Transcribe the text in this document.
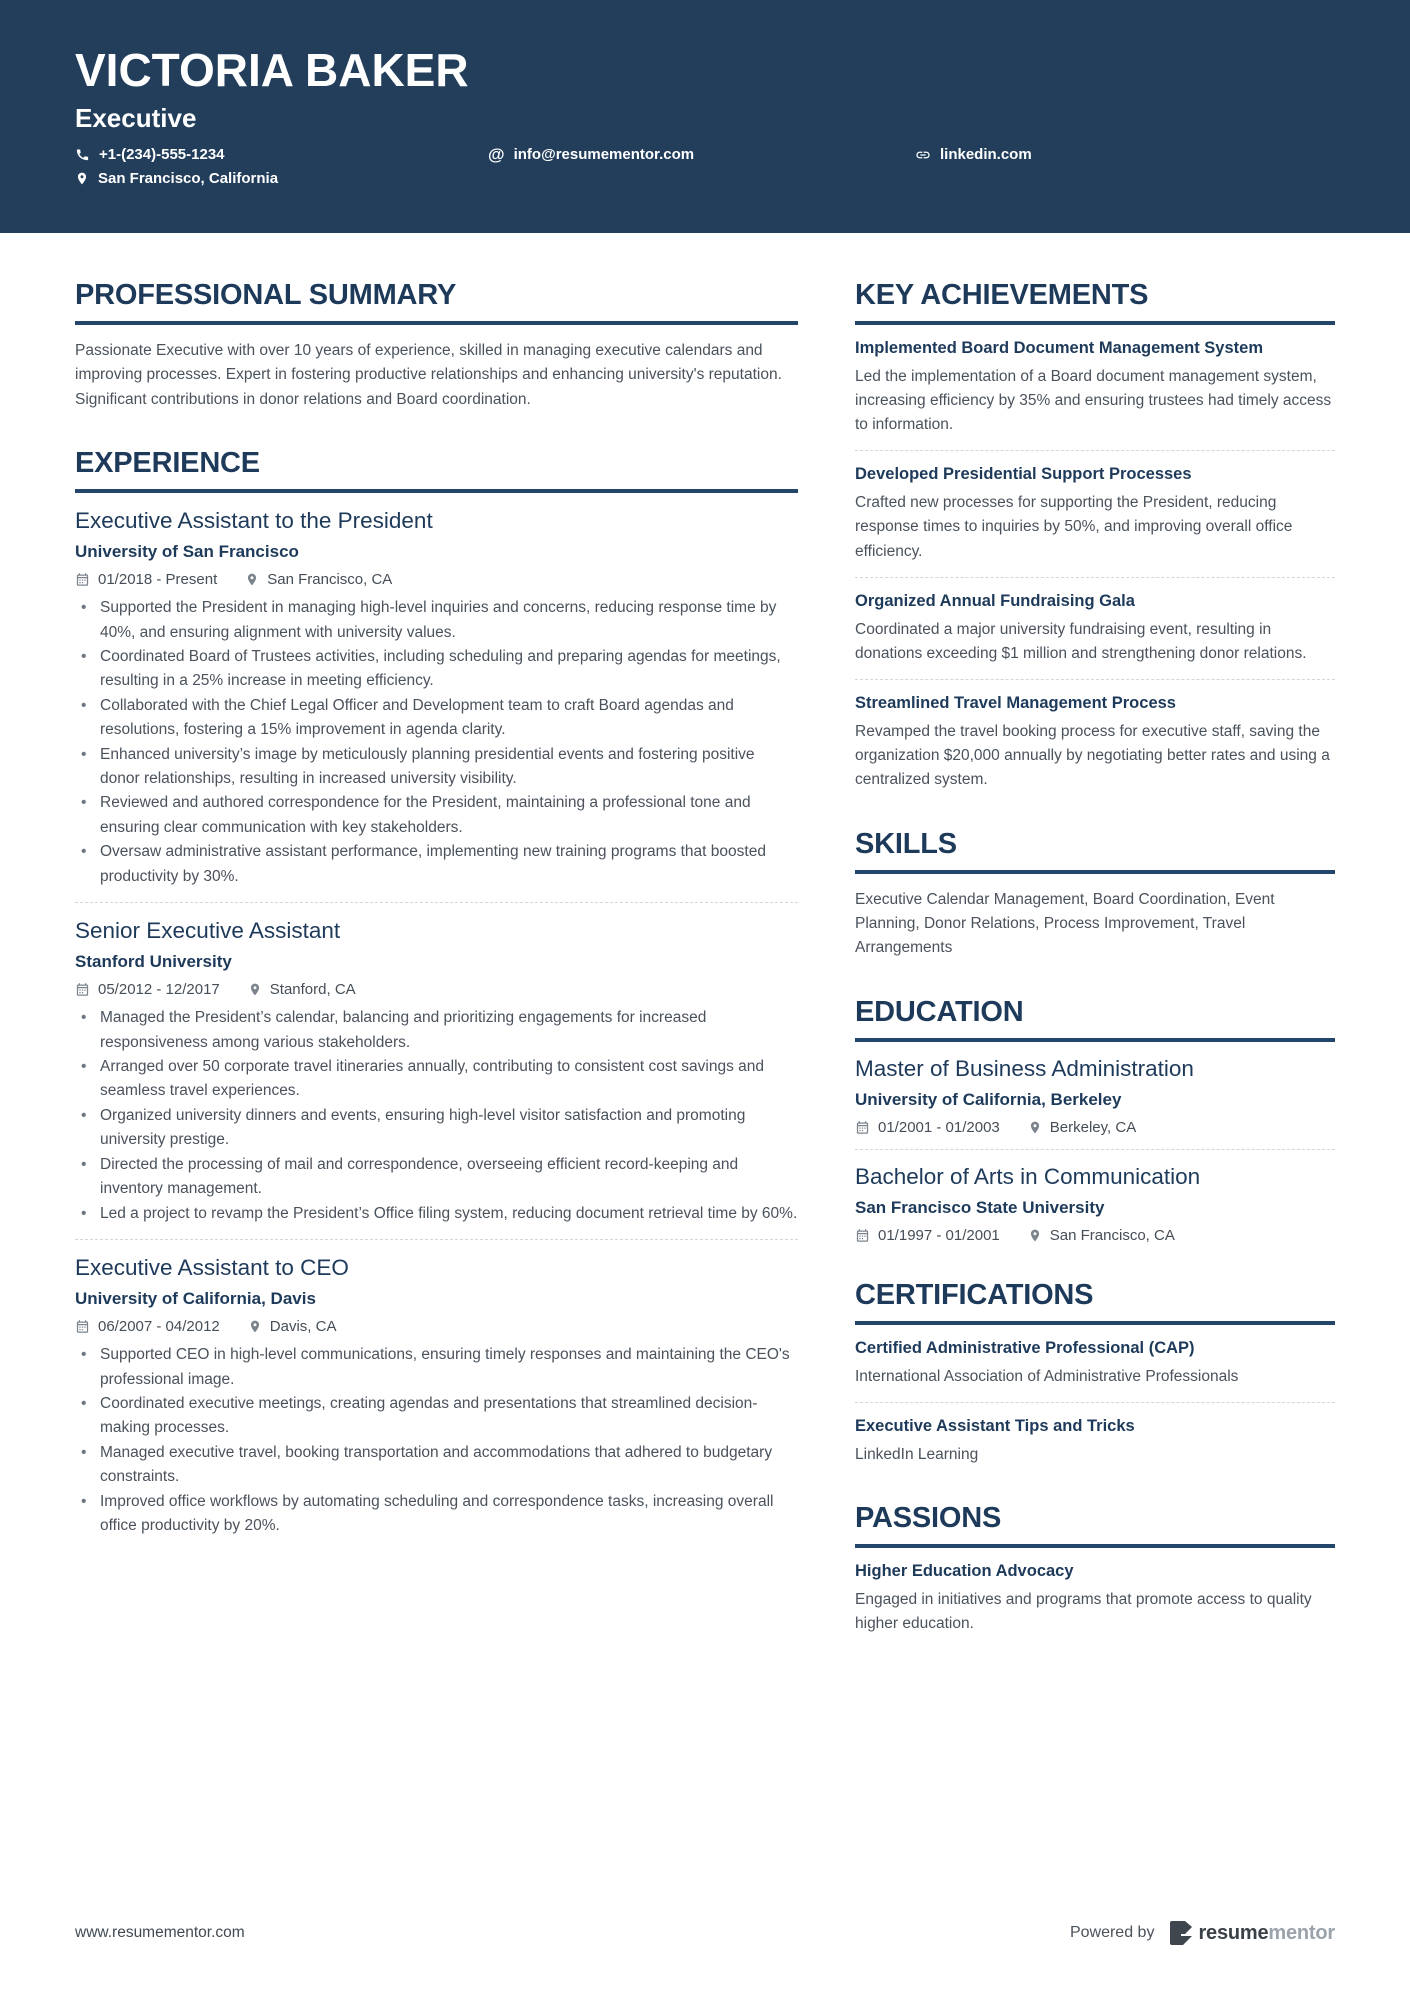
VICTORIA BAKER
Executive
+1-(234)-555-1234	@ info@resumementor.com	linkedin.com
San Francisco, California
PROFESSIONAL SUMMARY

Passionate Executive with over 10 years of experience, skilled in managing executive calendars and improving processes. Expert in fostering productive relationships and enhancing university's reputation. Significant contributions in donor relations and Board coordination.

EXPERIENCE
Executive Assistant to the President
University of San Francisco
01/2018 - Present	San Francisco, CA
• Supported the President in managing high-level inquiries and concerns, reducing response time by 40%, and ensuring alignment with university values.
• Coordinated Board of Trustees activities, including scheduling and preparing agendas for meetings, resulting in a 25% increase in meeting efficiency.
• Collaborated with the Chief Legal Officer and Development team to craft Board agendas and resolutions, fostering a 15% improvement in agenda clarity.
• Enhanced university’s image by meticulously planning presidential events and fostering positive donor relationships, resulting in increased university visibility.
• Reviewed and authored correspondence for the President, maintaining a professional tone and ensuring clear communication with key stakeholders.
• Oversaw administrative assistant performance, implementing new training programs that boosted productivity by 30%.
Senior Executive Assistant
Stanford University
05/2012 - 12/2017	Stanford, CA
• Managed the President’s calendar, balancing and prioritizing engagements for increased responsiveness among various stakeholders.
• Arranged over 50 corporate travel itineraries annually, contributing to consistent cost savings and seamless travel experiences.
• Organized university dinners and events, ensuring high-level visitor satisfaction and promoting university prestige.
• Directed the processing of mail and correspondence, overseeing efficient record-keeping and inventory management.
• Led a project to revamp the President’s Office filing system, reducing document retrieval time by 60%.
Executive Assistant to CEO
University of California, Davis
06/2007 - 04/2012	Davis, CA
• Supported CEO in high-level communications, ensuring timely responses and maintaining the CEO's professional image.
• Coordinated executive meetings, creating agendas and presentations that streamlined decision-making processes.
• Managed executive travel, booking transportation and accommodations that adhered to budgetary constraints.
• Improved office workflows by automating scheduling and correspondence tasks, increasing overall office productivity by 20%.
KEY ACHIEVEMENTS
Implemented Board Document Management System

Led the implementation of a Board document management system, increasing efficiency by 35% and ensuring trustees had timely access to information.

Developed Presidential Support Processes

Crafted new processes for supporting the President, reducing response times to inquiries by 50%, and improving overall office efficiency.

Organized Annual Fundraising Gala

Coordinated a major university fundraising event, resulting in donations exceeding $1 million and strengthening donor relations.

Streamlined Travel Management Process

Revamped the travel booking process for executive staff, saving the organization $20,000 annually by negotiating better rates and using a centralized system.

SKILLS

Executive Calendar Management, Board Coordination, Event Planning, Donor Relations, Process Improvement, Travel Arrangements

EDUCATION
Master of Business Administration
University of California, Berkeley
01/2001 - 01/2003	Berkeley, CA
Bachelor of Arts in Communication
San Francisco State University
01/1997 - 01/2001	San Francisco, CA
CERTIFICATIONS
Certified Administrative Professional (CAP)

International Association of Administrative Professionals

Executive Assistant Tips and Tricks

LinkedIn Learning

PASSIONS
Higher Education Advocacy

Engaged in initiatives and programs that promote access to quality higher education.

www.resumementor.com	Powered by resumementor
